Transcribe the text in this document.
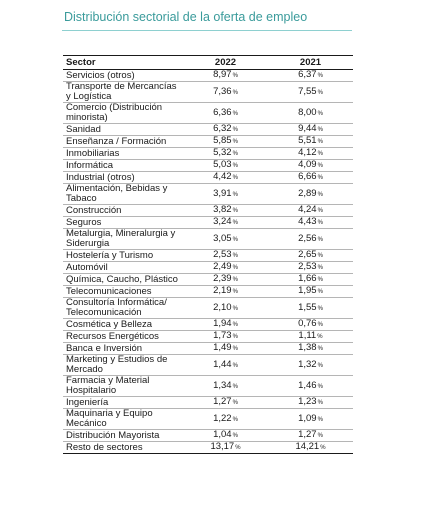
Distribución sectorial de la oferta de empleo
Sector	2022	2021
Servicios (otros)	8,97%	6,37%
Transporte de Mercancías y Logística	7,36%	7,55%
Comercio (Distribución minorista)	6,36%	8,00%
Sanidad	6,32%	9,44%
Enseñanza / Formación	5,85%	5,51%
Inmobiliarias	5,32%	4,12%
Informática	5,03%	4,09%
Industrial (otros)	4,42%	6,66%
Alimentación, Bebidas y Tabaco	3,91%	2,89%
Construcción	3,82%	4,24%
Seguros	3,24%	4,43%
Metalurgia, Mineralurgia y Siderurgia	3,05%	2,56%
Hostelería y Turismo	2,53%	2,65%
Automóvil	2,49%	2,53%
Química, Caucho, Plástico	2,39%	1,66%
Telecomunicaciones	2,19%	1,95%
Consultoría Informática/ Telecomunicación	2,10%	1,55%
Cosmética y Belleza	1,94%	0,76%
Recursos Energéticos	1,73%	1,11%
Banca e Inversión	1,49%	1,38%
Marketing y Estudios de Mercado	1,44%	1,32%
Farmacia y Material Hospitalario	1,34%	1,46%
Ingeniería	1,27%	1,23%
Maquinaria y Equipo Mecánico	1,22%	1,09%
Distribución Mayorista	1,04%	1,27%
Resto de sectores	13,17%	14,21%
